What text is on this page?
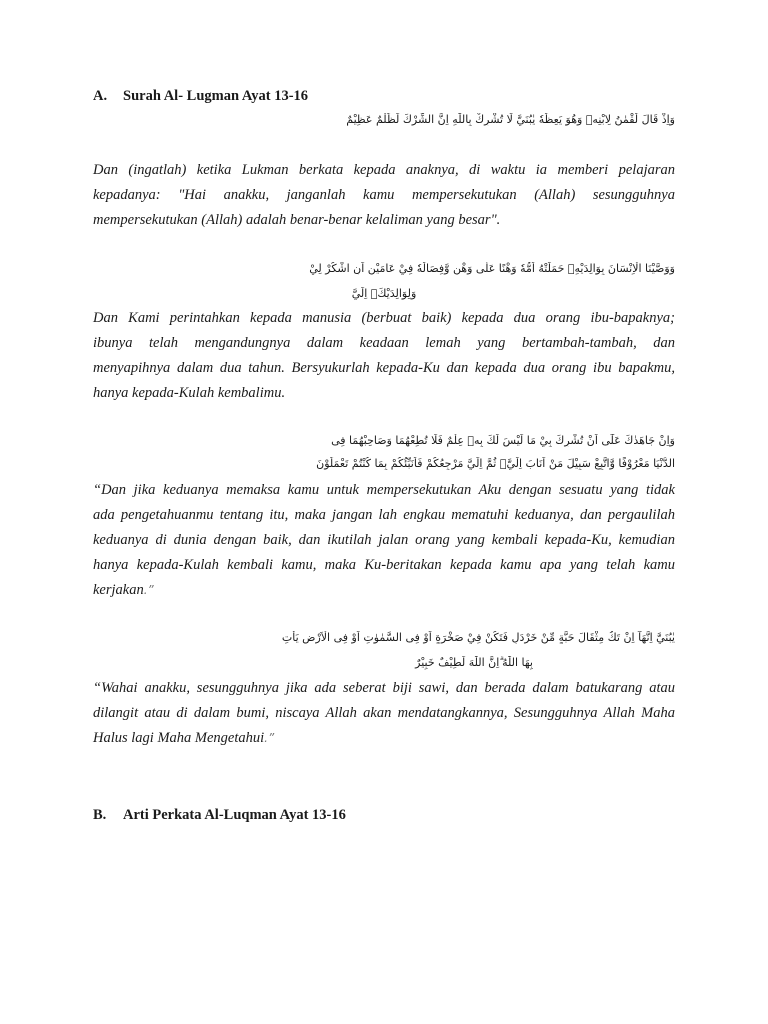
A. Surah Al- Lugman Ayat 13-16
وَاِذْ قَالَ لُقْمٰنُ لِابْنِهٖ وَهُوَ يَعِظُهٗ يٰبُنَيَّ لَا تُشْرِكْ بِاللّٰهِ اِنَّ الشِّرْكَ لَظُلْمٌ عَظِيْمٌ
Dan (ingatlah) ketika Lukman berkata kepada anaknya, di waktu ia memberi pelajaran
kepadanya: "Hai anakku, janganlah kamu mempersekutukan (Allah) sesungguhnya
mempersekutukan (Allah) adalah benar-benar kelaliman yang besar".
وَوَصَّيْنَا الْاِنْسَانَ بِوَالِدَيْهِۚ حَمَلَتْهُ اُمُّهٗ وَهْنًا عَلٰى وَهْنٍ وَّفِصَالُهٗ فِيْ عَامَيْنِ اَنِ اشْكُرْ لِيْ
وَلِوَالِدَيْكَۗ اِلَيَّ
Dan Kami perintahkan kepada manusia (berbuat baik) kepada dua orang ibu-bapaknya;
ibunya telah mengandungnya dalam keadaan lemah yang bertambah-tambah, dan
menyapihnya dalam dua tahun. Bersyukurlah kepada-Ku dan kepada dua orang ibu bapakmu,
hanya kepada-Kulah kembalimu.
وَاِنْ جَاهَدٰكَ عَلٰٓى اَنْ تُشْرِكَ بِيْ مَا لَيْسَ لَكَ بِهٖ عِلْمٌ فَلَا تُطِعْهُمَا وَصَاحِبْهُمَا فِى
الدُّنْيَا مَعْرُوْفًا وَّاتَّبِعْ سَبِيْلَ مَنْ اَنَابَ اِلَيَّۚ ثُمَّ اِلَيَّ مَرْجِعُكُمْ فَاُنَبِّئُكُمْ بِمَا كُنْتُمْ تَعْمَلُوْنَ
“Dan jika keduanya memaksa kamu untuk mempersekutukan Aku dengan sesuatu yang tidak
ada pengetahuanmu tentang itu, maka jangan lah engkau mematuhi keduanya, dan pergaulilah
keduanya di dunia dengan baik, dan ikutilah jalan orang yang kembali kepada-Ku, kemudian
hanya kepada-Kulah kembali kamu, maka Ku-beritakan kepada kamu apa yang telah kamu
kerjakan.”
يٰبُنَيَّ اِنَّهَآ اِنْ تَكُ مِثْقَالَ حَبَّةٍ مِّنْ خَرْدَلٍ فَتَكُنْ فِيْ صَخْرَةٍ اَوْ فِى السَّمٰوٰتِ اَوْ فِى الْاَرْضِ يَأْتِ
بِهَا اللّٰهُ ۗاِنَّ اللّٰهَ لَطِيْفٌ خَبِيْرٌ
“Wahai anakku, sesungguhnya jika ada seberat biji sawi, dan berada dalam batukarang atau
dilangit atau di dalam bumi, niscaya Allah akan mendatangkannya, Sesungguhnya Allah Maha
Halus lagi Maha Mengetahui.”
B. Arti Perkata Al-Luqman Ayat 13-16
